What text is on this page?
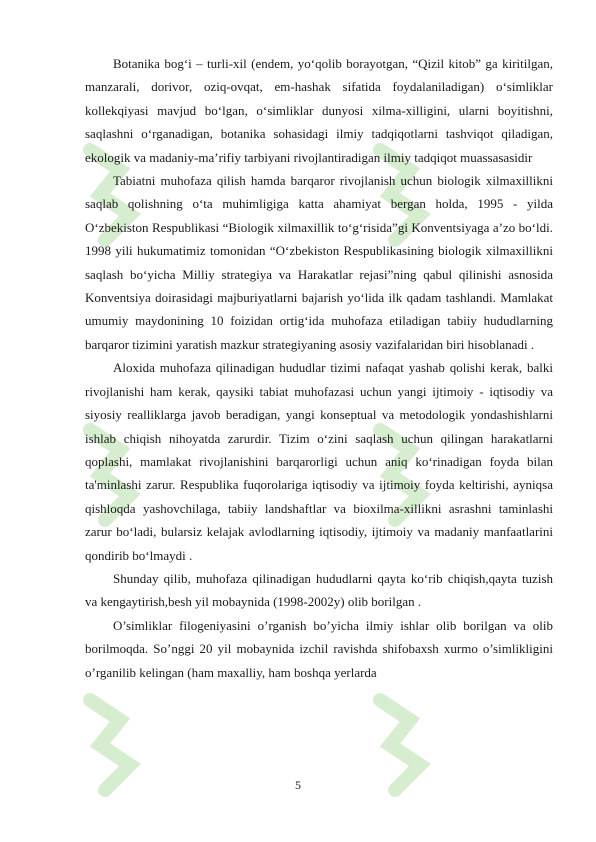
Botanika bog‘i – turli-xil (endem, yo‘qolib borayotgan, “Qizil kitob” ga kiritilgan, manzarali, dorivor, oziq-ovqat, em-hashak sifatida foydalaniladigan) o‘simliklar kollekqiyasi mavjud bo‘lgan, o‘simliklar dunyosi xilma-xilligini, ularni boyitishni, saqlashni o‘rganadigan, botanika sohasidagi ilmiy tadqiqotlarni tashviqot qiladigan, ekologik va madaniy-ma’rifiy tarbiyani rivojlantiradigan ilmiy tadqiqot muassasasidir

Tabiatni muhofaza qilish hamda barqaror rivojlanish uchun biologik xilmaxillikni saqlab qolishning o‘ta muhimligiga katta ahamiyat bergan holda, 1995 - yilda O‘zbekiston Respublikasi “Biologik xilmaxillik to‘g‘risida”gi Konventsiyaga a’zo bo‘ldi. 1998 yili hukumatimiz tomonidan “O‘zbekiston Respublikasining biologik xilmaxillikni saqlash bo‘yicha Milliy strategiya va Harakatlar rejasi”ning qabul qilinishi asnosida Konventsiya doirasidagi majburiyatlarni bajarish yo‘lida ilk qadam tashlandi. Mamlakat umumiy maydonining 10 foizidan ortig‘ida muhofaza etiladigan tabiiy hududlarning barqaror tizimini yaratish mazkur strategiyaning asosiy vazifalaridan biri hisoblanadi .

Aloxida muhofaza qilinadigan hududlar tizimi nafaqat yashab qolishi kerak, balki rivojlanishi ham kerak, qaysiki tabiat muhofazasi uchun yangi ijtimoiy - iqtisodiy va siyosiy realliklarga javob beradigan, yangi konseptual va metodologik yondashishlarni ishlab chiqish nihoyatda zarurdir. Tizim o‘zini saqlash uchun qilingan harakatlarni qoplashi, mamlakat rivojlanishini barqarorligi uchun aniq ko‘rinadigan foyda bilan ta'minlashi zarur. Respublika fuqorolariga iqtisodiy va ijtimoiy foyda keltirishi, ayniqsa qishloqda yashovchilaga, tabiiy landshaftlar va bioxilma-xillikni asrashni taminlashi zarur bo‘ladi, bularsiz kelajak avlodlarning iqtisodiy, ijtimoiy va madaniy manfaatlarini qondirib bo‘lmaydi .

Shunday qilib, muhofaza qilinadigan hududlarni qayta ko‘rib chiqish,qayta tuzish va kengaytirish,besh yil mobaynida (1998-2002y) olib borilgan .

O’simliklar filogeniyasini o’rganish bo’yicha ilmiy ishlar olib borilgan va olib borilmoqda. So’nggi 20 yil mobaynida izchil ravishda shifobaxsh xurmo o’simlikligini o’rganilib kelingan (ham maxalliy, ham boshqa yerlarda

5
